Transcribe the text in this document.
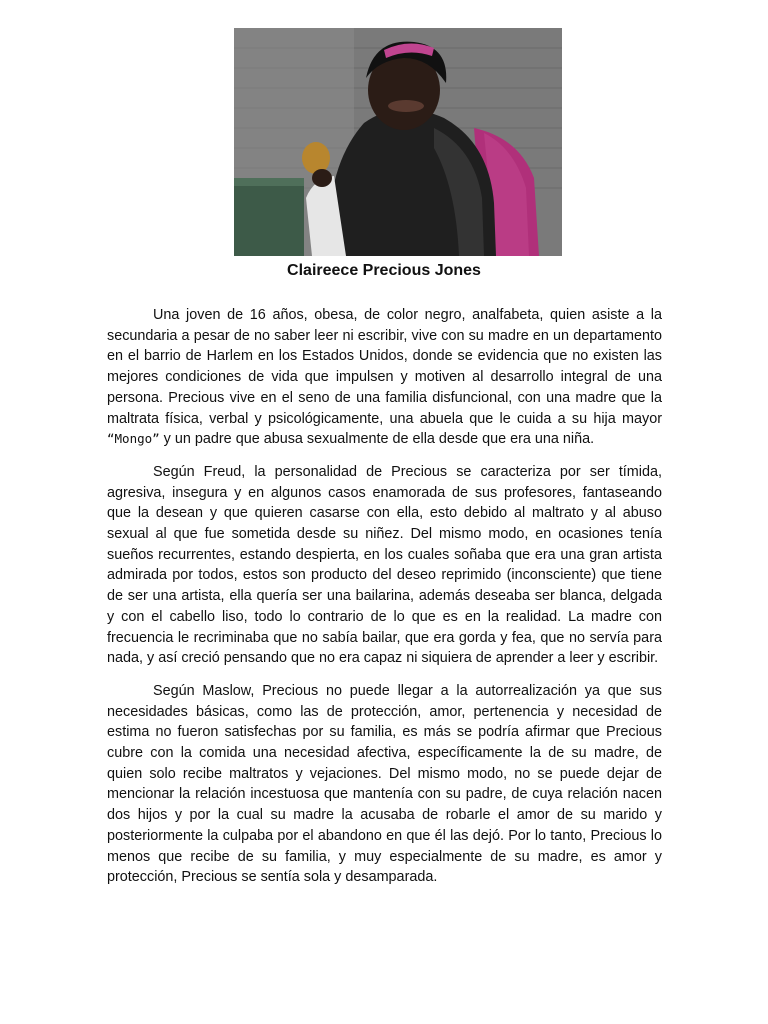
Claireece Precious Jones

Una joven de 16 años, obesa, de color negro, analfabeta, quien asiste a la secundaria a pesar de no saber leer ni escribir, vive con su madre en un departamento en el barrio de Harlem en los Estados Unidos, donde se evidencia que no existen las mejores condiciones de vida que impulsen y motiven al desarrollo integral de una persona. Precious vive en el seno de una familia disfuncional, con una madre que la maltrata física, verbal y psicológicamente, una abuela que le cuida a su hija mayor “Mongo” y un padre que abusa sexualmente de ella desde que era una niña.

Según Freud, la personalidad de Precious se caracteriza por ser tímida, agresiva, insegura y en algunos casos enamorada de sus profesores, fantaseando que la desean y que quieren casarse con ella, esto debido al maltrato y al abuso sexual al que fue sometida desde su niñez. Del mismo modo, en ocasiones tenía sueños recurrentes, estando despierta, en los cuales soñaba que era una gran artista admirada por todos, estos son producto del deseo reprimido (inconsciente) que tiene de ser una artista, ella quería ser una bailarina, además deseaba ser blanca, delgada y con el cabello liso, todo lo contrario de lo que es en la realidad. La madre con frecuencia le recriminaba que no sabía bailar, que era gorda y fea, que no servía para nada, y así creció pensando que no era capaz ni siquiera de aprender a leer y escribir.

Según Maslow, Precious no puede llegar a la autorrealización ya que sus necesidades básicas, como las de protección, amor, pertenencia y necesidad de estima no fueron satisfechas por su familia, es más se podría afirmar que Precious cubre con la comida una necesidad afectiva, específicamente la de su madre, de quien solo recibe maltratos y vejaciones. Del mismo modo, no se puede dejar de mencionar la relación incestuosa que mantenía con su padre, de cuya relación nacen dos hijos y por la cual su madre la acusaba de robarle el amor de su marido y posteriormente la culpaba por el abandono en que él las dejó. Por lo tanto, Precious lo menos que recibe de su familia, y muy especialmente de su madre, es amor y protección, Precious se sentía sola y desamparada.
